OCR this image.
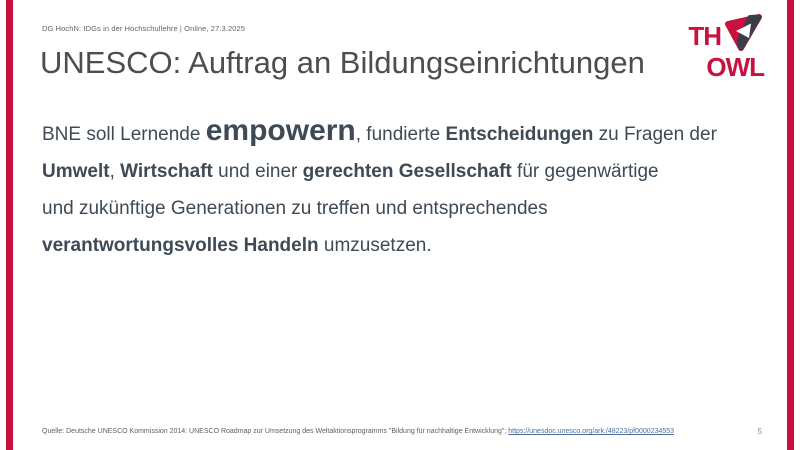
DG HochN: IDGs in der Hochschullehre | Online, 27.3.2025
UNESCO: Auftrag an Bildungseinrichtungen
BNE soll Lernende empowern, fundierte Entscheidungen zu Fragen der
Umwelt, Wirtschaft und einer gerechten Gesellschaft für gegenwärtige
und zukünftige Generationen zu treffen und entsprechendes
verantwortungsvolles Handeln umzusetzen.
Quelle: Deutsche UNESCO Kommission 2014: UNESCO Roadmap zur Umsetzung des Weltaktionsprogramms "Bildung für nachhaltige Entwicklung"; https://unesdoc.unesco.org/ark:/48223/pf0000234553	5
TH
OWL
